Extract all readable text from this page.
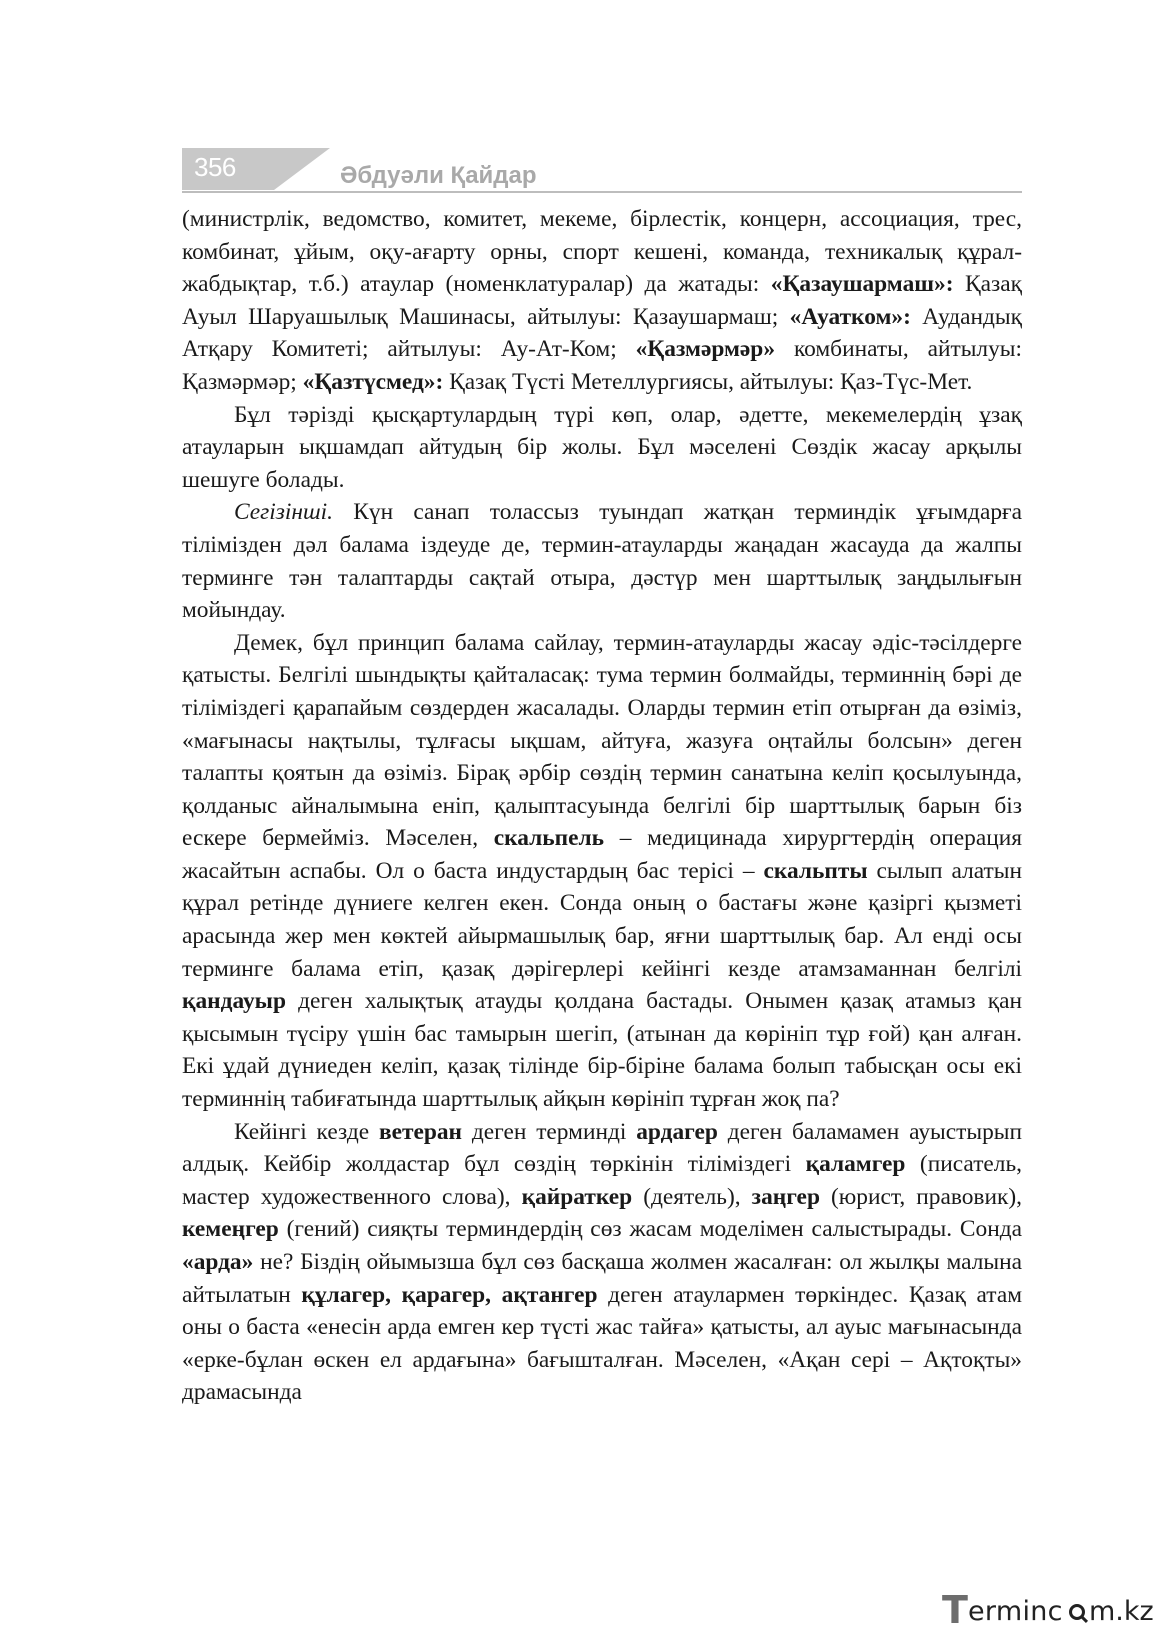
356	Әбдуәли Қайдар

(министрлік, ведомство, комитет, мекеме, бірлестік, концерн, ассоциация, трес, комбинат, ұйым, оқу-ағарту орны, спорт кешені, команда, техникалық құрал-жабдықтар, т.б.) атаулар (номенклатуралар) да жатады: «Қазаушармаш»: Қазақ Ауыл Шаруашылық Машинасы, айтылуы: Қазаушармаш; «Ауатком»: Аудандық Атқару Комитеті; айтылуы: Ау-Ат-Ком; «Қазмәрмәр» комбинаты, айтылуы: Қазмәрмәр; «Қазтүсмед»: Қазақ Түсті Метеллургиясы, айтылуы: Қаз-Түс-Мет.

Бұл тәрізді қысқартулардың түрі көп, олар, әдетте, мекемелердің ұзақ атауларын ықшамдап айтудың бір жолы. Бұл мәселені Сөздік жасау арқылы шешуге болады.

Сегізінші. Күн санап толассыз туындап жатқан терминдік ұғымдарға тілімізден дәл балама іздеуде де, термин-атауларды жаңадан жасауда да жалпы терминге тән талаптарды сақтай отыра, дәстүр мен шарттылық заңдылығын мойындау.

Демек, бұл принцип балама сайлау, термин-атауларды жасау әдіс-тәсілдерге қатысты. Белгілі шындықты қайталасақ: тума термин болмайды, терминнің бәрі де тіліміздегі қарапайым сөздерден жасалады. Оларды термин етіп отырған да өзіміз, «мағынасы нақтылы, тұлғасы ықшам, айтуға, жазуға оңтайлы болсын» деген талапты қоятын да өзіміз. Бірақ әрбір сөздің термин санатына келіп қосылуында, қолданыс айналымына еніп, қалыптасуында белгілі бір шарттылық барын біз ескере бермейміз. Мәселен, скальпель – медицинада хирургтердің операция жасайтын аспабы. Ол о баста индустардың бас терісі – скальпты сылып алатын құрал ретінде дүниеге келген екен. Сонда оның о бастағы және қазіргі қызметі арасында жер мен көктей айырмашылық бар, яғни шарттылық бар. Ал енді осы терминге балама етіп, қазақ дәрігерлері кейінгі кезде атамзаманнан белгілі қандауыр деген халықтық атауды қолдана бастады. Онымен қазақ атамыз қан қысымын түсіру үшін бас тамырын шегіп, (атынан да көрініп тұр ғой) қан алған. Екі ұдай дүниеден келіп, қазақ тілінде бір-біріне балама болып табысқан осы екі терминнің табиғатында шарттылық айқын көрініп тұрған жоқ па?

Кейінгі кезде ветеран деген терминді ардагер деген баламамен ауыстырып алдық. Кейбір жолдастар бұл сөздің төркінін тіліміздегі қаламгер (писатель, мастер художественного слова), қайраткер (деятель), заңгер (юрист, правовик), кемеңгер (гений) сияқты терминдердің сөз жасам моделімен салыстырады. Сонда «арда» не? Біздің ойымызша бұл сөз басқаша жолмен жасалған: ол жылқы малына айтылатын құлагер, қарагер, ақтангер деген атаулармен төркіндес. Қазақ атам оны о баста «енесін арда емген кер түсті жас тайға» қатысты, ал ауыс мағынасында «ерке-бұлан өскен ел ардағына» бағышталған. Мәселен, «Ақан сері – Ақтоқты» драмасында

T erminc m.kz
